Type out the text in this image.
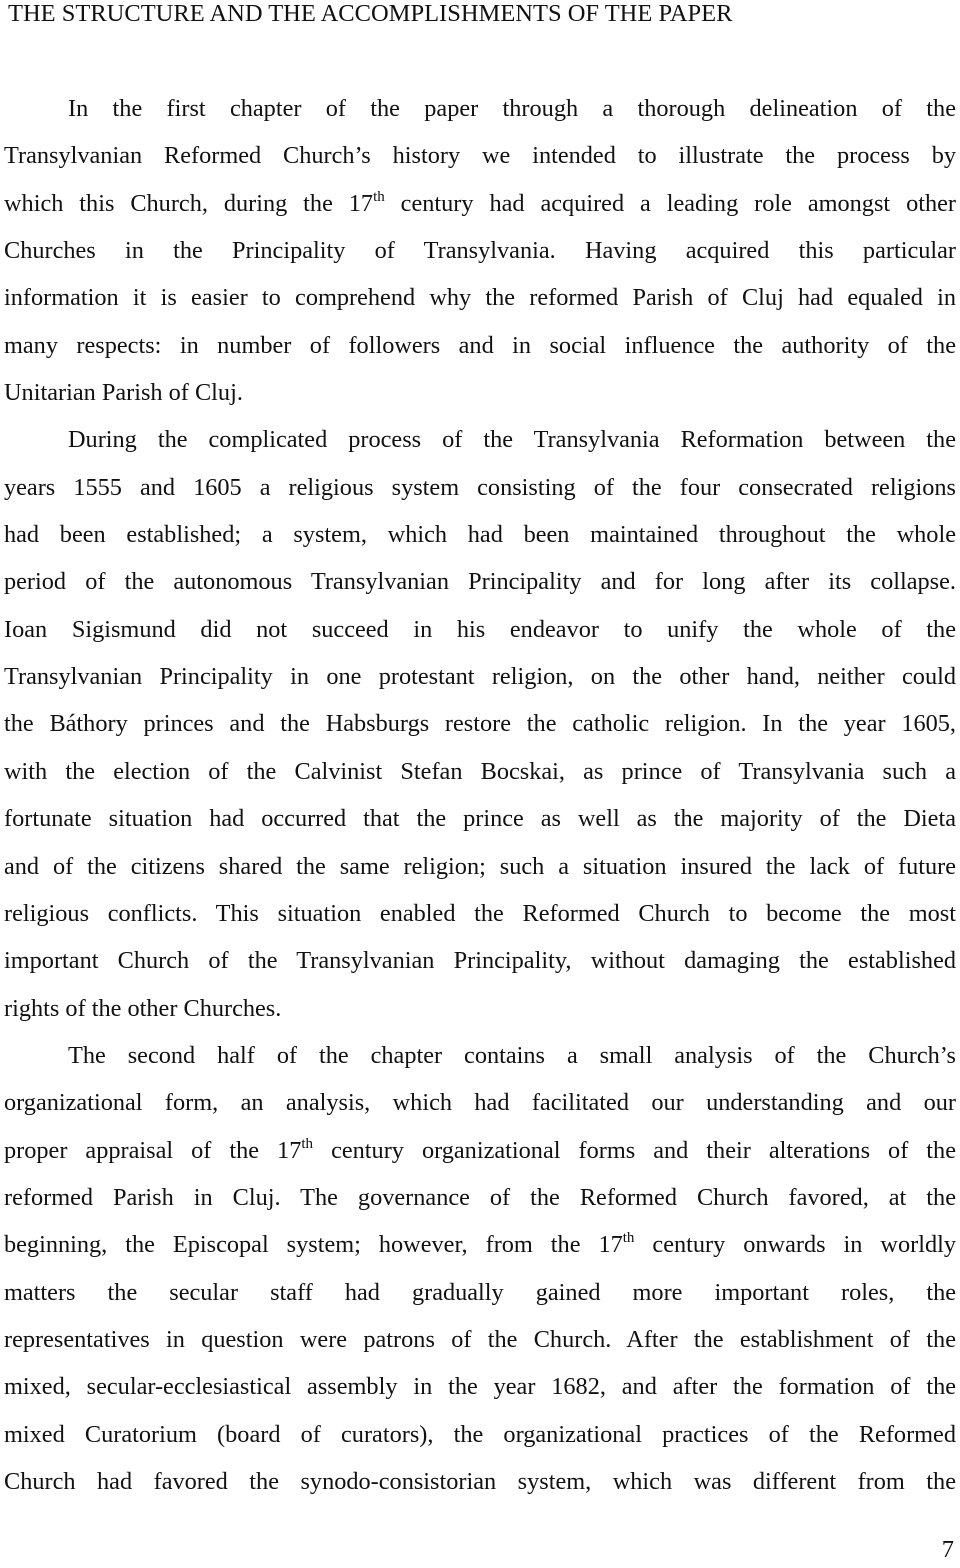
THE STRUCTURE AND THE ACCOMPLISHMENTS OF THE PAPER

In the first chapter of the paper through a thorough delineation of the
Transylvanian Reformed Church’s history we intended to illustrate the process by
which this Church, during the 17th century had acquired a leading role amongst other
Churches in the Principality of Transylvania. Having acquired this particular
information it is easier to comprehend why the reformed Parish of Cluj had equaled in
many respects: in number of followers and in social influence the authority of the
Unitarian Parish of Cluj.

During the complicated process of the Transylvania Reformation between the
years 1555 and 1605 a religious system consisting of the four consecrated religions
had been established; a system, which had been maintained throughout the whole
period of the autonomous Transylvanian Principality and for long after its collapse.
Ioan Sigismund did not succeed in his endeavor to unify the whole of the
Transylvanian Principality in one protestant religion, on the other hand, neither could
the Báthory princes and the Habsburgs restore the catholic religion. In the year 1605,
with the election of the Calvinist Stefan Bocskai, as prince of Transylvania such a
fortunate situation had occurred that the prince as well as the majority of the Dieta
and of the citizens shared the same religion; such a situation insured the lack of future
religious conflicts. This situation enabled the Reformed Church to become the most
important Church of the Transylvanian Principality, without damaging the established
rights of the other Churches.

The second half of the chapter contains a small analysis of the Church’s
organizational form, an analysis, which had facilitated our understanding and our
proper appraisal of the 17th century organizational forms and their alterations of the
reformed Parish in Cluj. The governance of the Reformed Church favored, at the
beginning, the Episcopal system; however, from the 17th century onwards in worldly
matters the secular staff had gradually gained more important roles, the
representatives in question were patrons of the Church. After the establishment of the
mixed, secular-ecclesiastical assembly in the year 1682, and after the formation of the
mixed Curatorium (board of curators), the organizational practices of the Reformed
Church had favored the synodo-consistorian system, which was different from the

7
